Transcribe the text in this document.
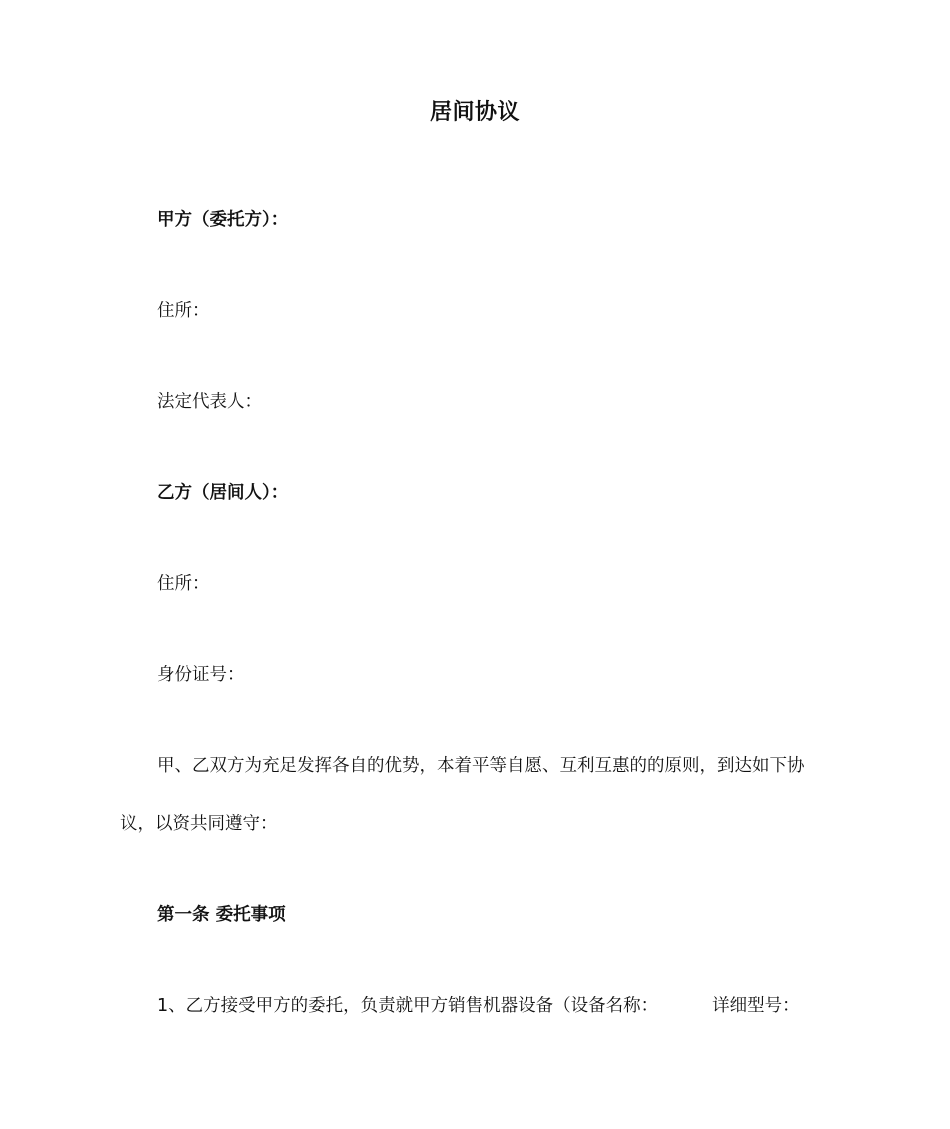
居间协议
甲方（委托方）：
住所：
法定代表人：
乙方（居间人）：
住所：
身份证号：
甲、乙双方为充足发挥各自的优势，本着平等自愿、互利互惠的的原则，到达如下协
议，以资共同遵守：
第一条 委托事项
1、乙方接受甲方的委托，负责就甲方销售机器设备（设备名称：	详细型号：
